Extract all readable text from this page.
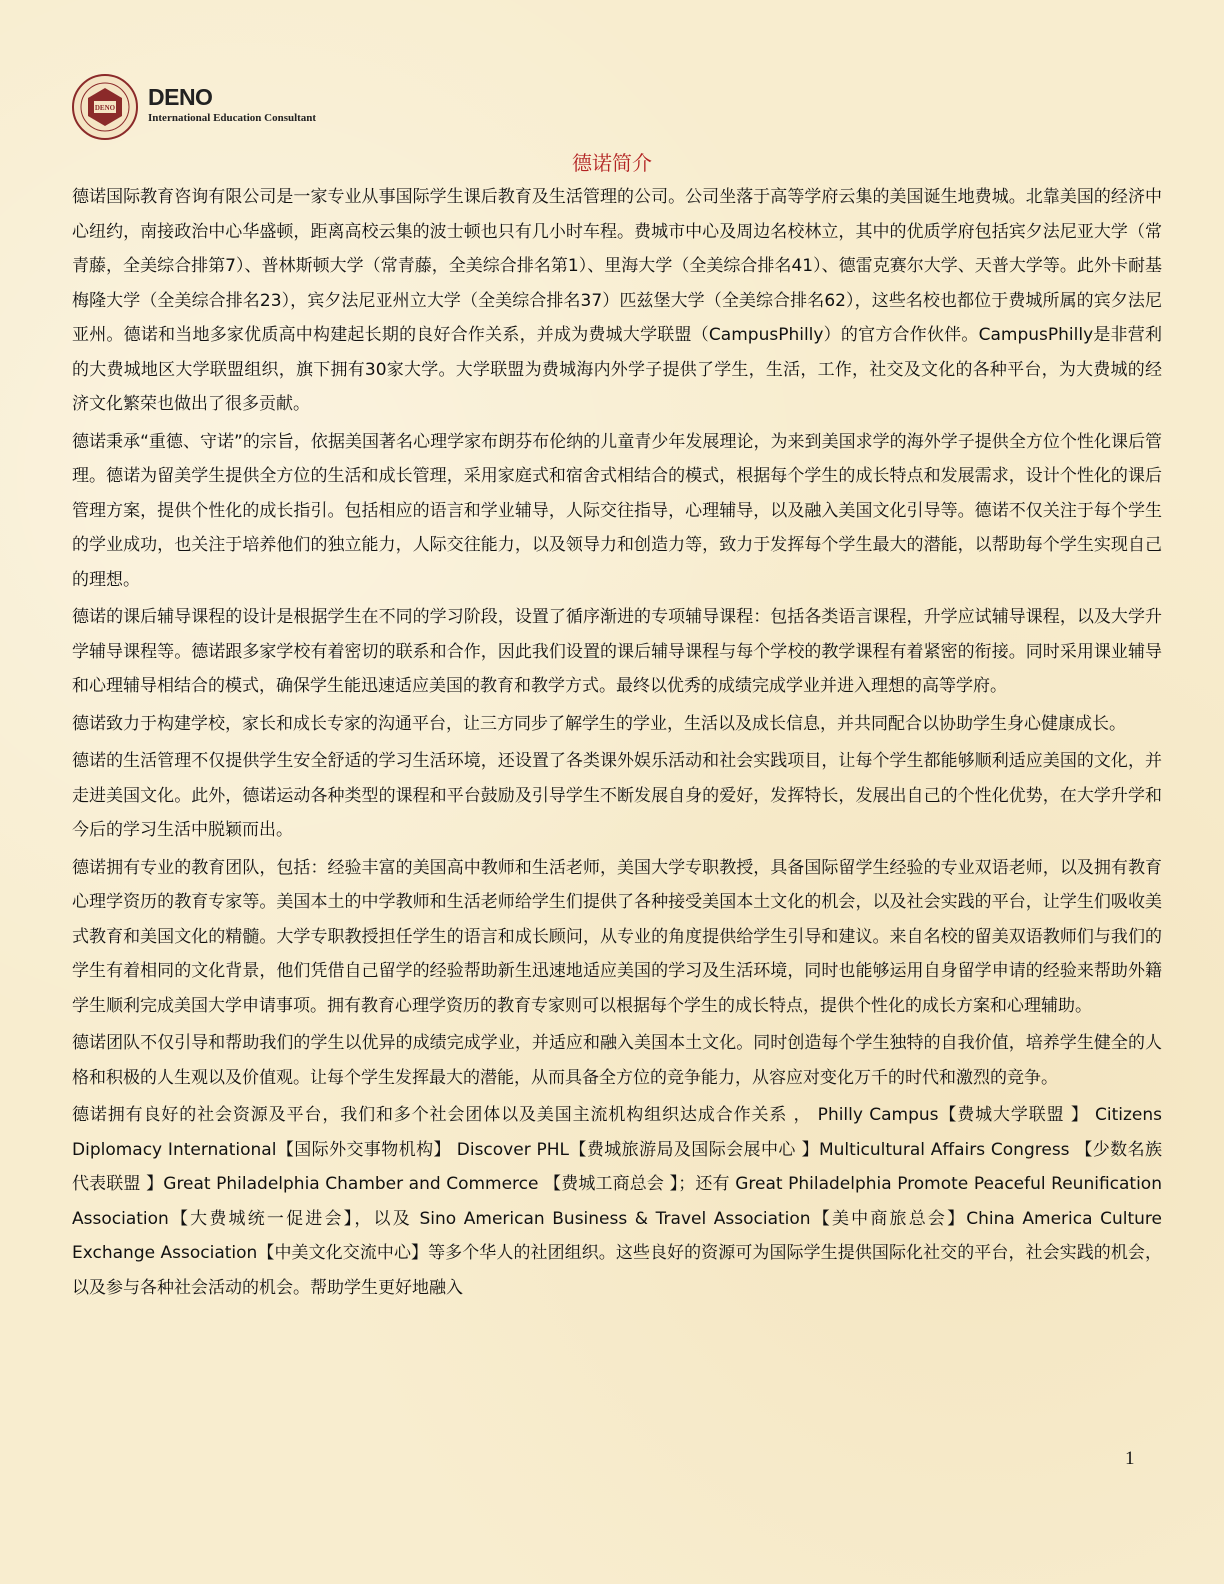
DENO DENO
International Education Consultant
德诺简介

德诺国际教育咨询有限公司是一家专业从事国际学生课后教育及生活管理的公司。公司坐落于高等学府云集的美国诞生地费城。北靠美国的经济中心纽约，南接政治中心华盛顿，距离高校云集的波士顿也只有几小时车程。费城市中心及周边名校林立，其中的优质学府包括宾夕法尼亚大学（常青藤，全美综合排第7）、普林斯顿大学（常青藤，全美综合排名第1）、里海大学（全美综合排名41）、德雷克赛尔大学、天普大学等。此外卡耐基梅隆大学（全美综合排名23），宾夕法尼亚州立大学（全美综合排名37）匹兹堡大学（全美综合排名62），这些名校也都位于费城所属的宾夕法尼亚州。德诺和当地多家优质高中构建起长期的良好合作关系，并成为费城大学联盟（CampusPhilly）的官方合作伙伴。CampusPhilly是非营利的大费城地区大学联盟组织，旗下拥有30家大学。大学联盟为费城海内外学子提供了学生，生活，工作，社交及文化的各种平台，为大费城的经济文化繁荣也做出了很多贡献。

德诺秉承“重德、守诺”的宗旨，依据美国著名心理学家布朗芬布伦纳的儿童青少年发展理论，为来到美国求学的海外学子提供全方位个性化课后管理。德诺为留美学生提供全方位的生活和成长管理，采用家庭式和宿舍式相结合的模式，根据每个学生的成长特点和发展需求，设计个性化的课后管理方案，提供个性化的成长指引。包括相应的语言和学业辅导，人际交往指导，心理辅导，以及融入美国文化引导等。德诺不仅关注于每个学生的学业成功，也关注于培养他们的独立能力，人际交往能力，以及领导力和创造力等，致力于发挥每个学生最大的潜能，以帮助每个学生实现自己的理想。

德诺的课后辅导课程的设计是根据学生在不同的学习阶段，设置了循序渐进的专项辅导课程：包括各类语言课程，升学应试辅导课程，以及大学升学辅导课程等。德诺跟多家学校有着密切的联系和合作，因此我们设置的课后辅导课程与每个学校的教学课程有着紧密的衔接。同时采用课业辅导和心理辅导相结合的模式，确保学生能迅速适应美国的教育和教学方式。最终以优秀的成绩完成学业并进入理想的高等学府。

德诺致力于构建学校，家长和成长专家的沟通平台，让三方同步了解学生的学业，生活以及成长信息，并共同配合以协助学生身心健康成长。

德诺的生活管理不仅提供学生安全舒适的学习生活环境，还设置了各类课外娱乐活动和社会实践项目，让每个学生都能够顺利适应美国的文化，并走进美国文化。此外，德诺运动各种类型的课程和平台鼓励及引导学生不断发展自身的爱好，发挥特长，发展出自己的个性化优势，在大学升学和今后的学习生活中脱颖而出。

德诺拥有专业的教育团队，包括：经验丰富的美国高中教师和生活老师，美国大学专职教授，具备国际留学生经验的专业双语老师，以及拥有教育心理学资历的教育专家等。美国本土的中学教师和生活老师给学生们提供了各种接受美国本土文化的机会，以及社会实践的平台，让学生们吸收美式教育和美国文化的精髓。大学专职教授担任学生的语言和成长顾问，从专业的角度提供给学生引导和建议。来自名校的留美双语教师们与我们的学生有着相同的文化背景，他们凭借自己留学的经验帮助新生迅速地适应美国的学习及生活环境，同时也能够运用自身留学申请的经验来帮助外籍学生顺利完成美国大学申请事项。拥有教育心理学资历的教育专家则可以根据每个学生的成长特点，提供个性化的成长方案和心理辅助。

德诺团队不仅引导和帮助我们的学生以优异的成绩完成学业，并适应和融入美国本土文化。同时创造每个学生独特的自我价值，培养学生健全的人格和积极的人生观以及价值观。让每个学生发挥最大的潜能，从而具备全方位的竞争能力，从容应对变化万千的时代和激烈的竞争。

德诺拥有良好的社会资源及平台，我们和多个社会团体以及美国主流机构组织达成合作关系 ， Philly Campus【费城大学联盟 】 Citizens Diplomacy International【国际外交事物机构】 Discover PHL【费城旅游局及国际会展中心 】Multicultural Affairs Congress 【少数名族代表联盟 】Great Philadelphia Chamber and Commerce 【费城工商总会 】；还有 Great Philadelphia Promote Peaceful Reunification Association【大费城统一促进会】，以及 Sino American Business & Travel Association【美中商旅总会】China America Culture Exchange Association【中美文化交流中心】等多个华人的社团组织。这些良好的资源可为国际学生提供国际化社交的平台，社会实践的机会，以及参与各种社会活动的机会。帮助学生更好地融入

1
